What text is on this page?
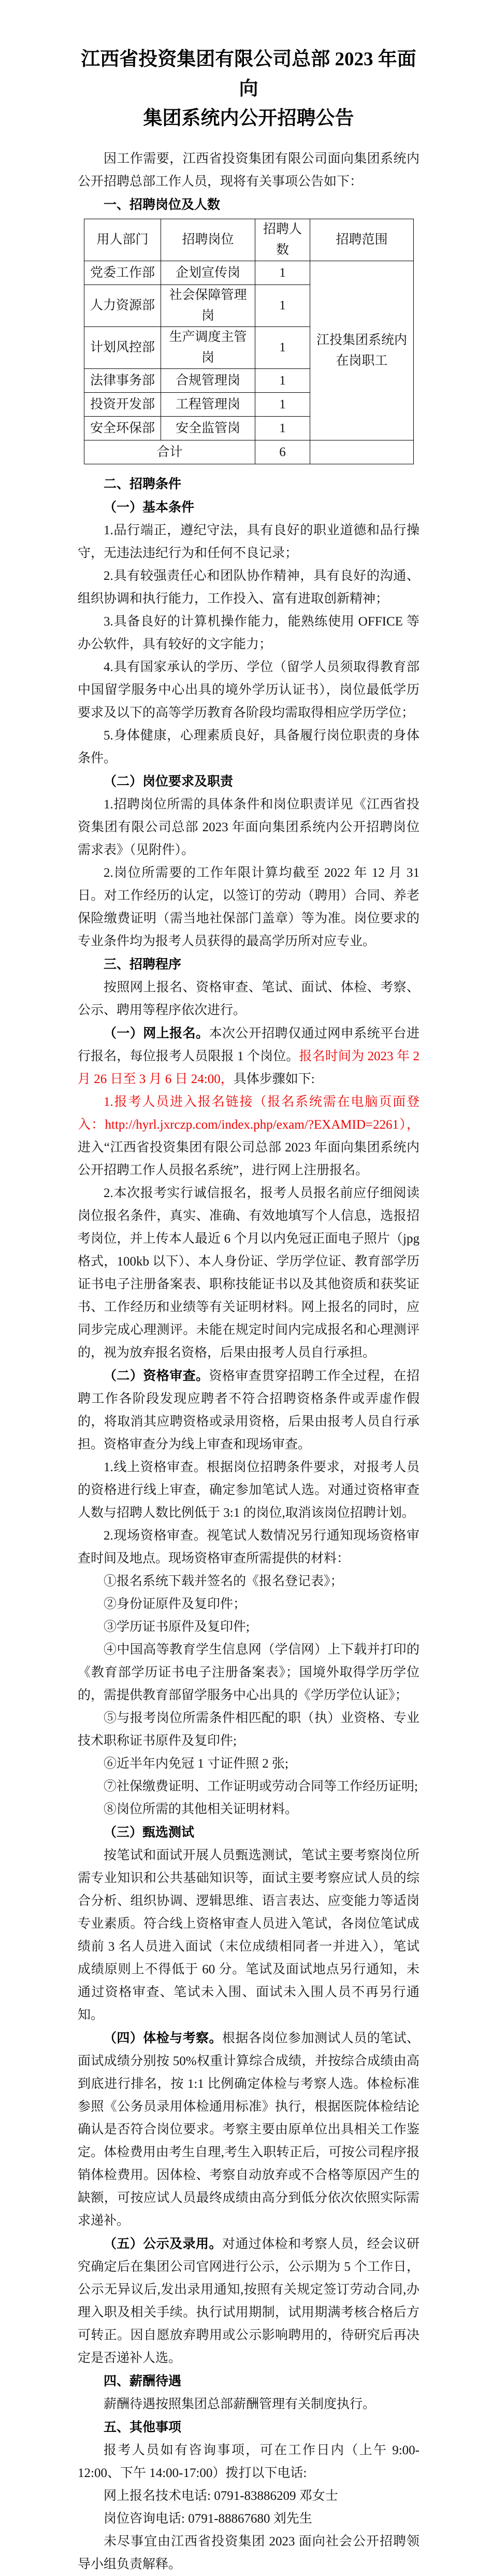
江西省投资集团有限公司总部 2023 年面向
集团系统内公开招聘公告
因工作需要，江西省投资集团有限公司面向集团系统内公开招聘总部工作人员，现将有关事项公告如下：
一、招聘岗位及人数
用人部门	招聘岗位	招聘人数	招聘范围
党委工作部	企划宣传岗	1	江投集团系统内在岗职工
人力资源部	社会保障管理岗	1	
计划风控部	生产调度主管岗	1	
法律事务部	合规管理岗	1	
投资开发部	工程管理岗	1	
安全环保部	安全监管岗	1	
合计		6	
二、招聘条件
（一）基本条件
1.品行端正，遵纪守法，具有良好的职业道德和品行操守，无违法违纪行为和任何不良记录；
2.具有较强责任心和团队协作精神，具有良好的沟通、组织协调和执行能力，工作投入、富有进取创新精神；
3.具备良好的计算机操作能力，能熟练使用 OFFICE 等办公软件，具有较好的文字能力；
4.具有国家承认的学历、学位（留学人员须取得教育部中国留学服务中心出具的境外学历认证书），岗位最低学历要求及以下的高等学历教育各阶段均需取得相应学历学位；
5.身体健康，心理素质良好，具备履行岗位职责的身体条件。
（二）岗位要求及职责
1.招聘岗位所需的具体条件和岗位职责详见《江西省投资集团有限公司总部 2023 年面向集团系统内公开招聘岗位需求表》（见附件）。
2.岗位所需要的工作年限计算均截至 2022 年 12 月 31 日。对工作经历的认定，以签订的劳动（聘用）合同、养老保险缴费证明（需当地社保部门盖章）等为准。岗位要求的专业条件均为报考人员获得的最高学历所对应专业。
三、招聘程序
按照网上报名、资格审查、笔试、面试、体检、考察、公示、聘用等程序依次进行。
（一）网上报名。本次公开招聘仅通过网申系统平台进行报名，每位报考人员限报 1 个岗位。报名时间为 2023 年 2 月 26 日至 3 月 6 日 24:00，具体步骤如下:
1.报考人员进入报名链接（报名系统需在电脑页面登入：http://hyrl.jxrczp.com/index.php/exam/?EXAMID=2261），进入“江西省投资集团有限公司总部 2023 年面向集团系统内公开招聘工作人员报名系统”，进行网上注册报名。
2.本次报考实行诚信报名，报考人员报名前应仔细阅读岗位报名条件，真实、准确、有效地填写个人信息，选报招考岗位，并上传本人最近 6 个月以内免冠正面电子照片（jpg 格式，100kb 以下）、本人身份证、学历学位证、教育部学历证书电子注册备案表、职称技能证书以及其他资质和获奖证书、工作经历和业绩等有关证明材料。网上报名的同时，应同步完成心理测评。未能在规定时间内完成报名和心理测评的，视为放弃报名资格，后果由报考人员自行承担。
（二）资格审查。资格审查贯穿招聘工作全过程，在招聘工作各阶段发现应聘者不符合招聘资格条件或弄虚作假的，将取消其应聘资格或录用资格，后果由报考人员自行承担。资格审查分为线上审查和现场审查。
1.线上资格审查。根据岗位招聘条件要求，对报考人员的资格进行线上审查，确定参加笔试人选。对通过资格审查人数与招聘人数比例低于 3:1 的岗位,取消该岗位招聘计划。
2.现场资格审查。视笔试人数情况另行通知现场资格审查时间及地点。现场资格审查所需提供的材料：
①报名系统下载并签名的《报名登记表》；
②身份证原件及复印件；
③学历证书原件及复印件;
④中国高等教育学生信息网（学信网）上下载并打印的《教育部学历证书电子注册备案表》；国境外取得学历学位的，需提供教育部留学服务中心出具的《学历学位认证》；
⑤与报考岗位所需条件相匹配的职（执）业资格、专业技术职称证书原件及复印件;
⑥近半年内免冠 1 寸证件照 2 张;
⑦社保缴费证明、工作证明或劳动合同等工作经历证明;
⑧岗位所需的其他相关证明材料。
（三）甄选测试
按笔试和面试开展人员甄选测试，笔试主要考察岗位所需专业知识和公共基础知识等，面试主要考察应试人员的综合分析、组织协调、逻辑思维、语言表达、应变能力等适岗专业素质。符合线上资格审查人员进入笔试，各岗位笔试成绩前 3 名人员进入面试（末位成绩相同者一并进入），笔试成绩原则上不得低于 60 分。笔试及面试地点另行通知，未通过资格审查、笔试未入围、面试未入围人员不再另行通知。
（四）体检与考察。根据各岗位参加测试人员的笔试、面试成绩分别按 50%权重计算综合成绩，并按综合成绩由高到底进行排名，按 1:1 比例确定体检与考察人选。体检标准参照《公务员录用体检通用标准》执行，根据医院体检结论确认是否符合岗位要求。考察主要由原单位出具相关工作鉴定。体检费用由考生自理,考生入职转正后，可按公司程序报销体检费用。因体检、考察自动放弃或不合格等原因产生的缺额，可按应试人员最终成绩由高分到低分依次依照实际需求递补。
（五）公示及录用。对通过体检和考察人员，经会议研究确定后在集团公司官网进行公示，公示期为 5 个工作日，公示无异议后,发出录用通知,按照有关规定签订劳动合同,办理入职及相关手续。执行试用期制，试用期满考核合格后方可转正。因自愿放弃聘用或公示影响聘用的，待研究后再决定是否递补人选。
四、薪酬待遇
薪酬待遇按照集团总部薪酬管理有关制度执行。
五、其他事项
报考人员如有咨询事项，可在工作日内（上午 9:00-12:00、下午 14:00-17:00）拨打以下电话:
网上报名技术电话: 0791-83886209 邓女士
岗位咨询电话: 0791-88867680 刘先生
未尽事宜由江西省投资集团 2023 面向社会公开招聘领导小组负责解释。
